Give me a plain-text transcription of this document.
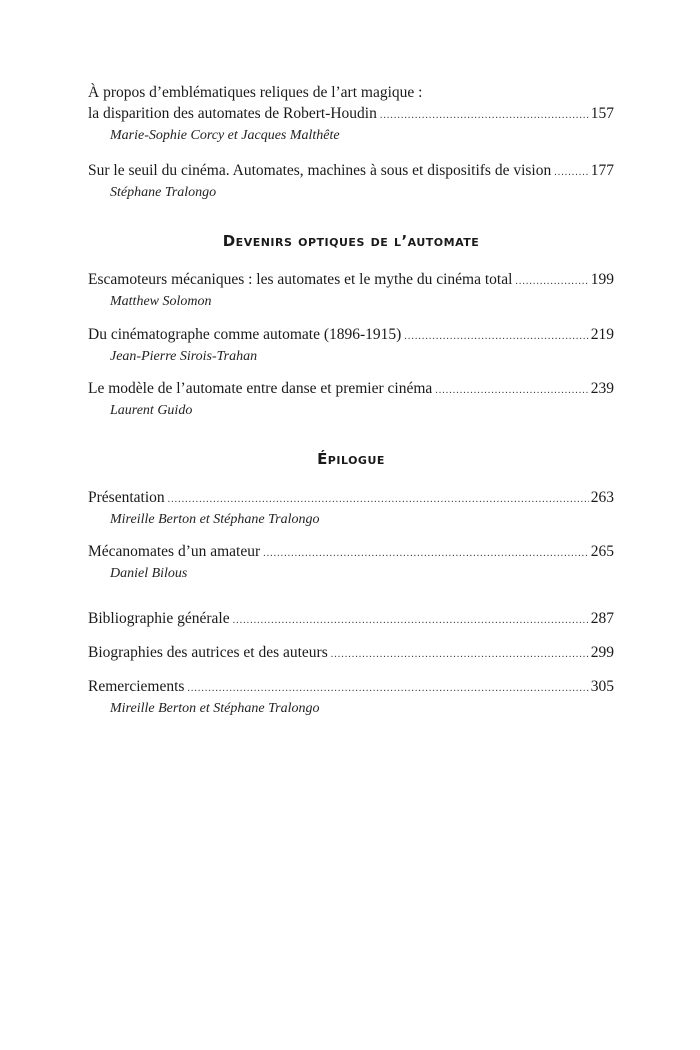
À propos d’emblématiques reliques de l’art magique :
la disparition des automates de Robert-Houdin .....	157
Marie-Sophie Corcy et Jacques Malthête
Sur le seuil du cinéma. Automates, machines à sous et dispositifs de vision .....	177
Stéphane Tralongo
Devenirs optiques de l’automate
Escamoteurs mécaniques : les automates et le mythe du cinéma total .....	199
Matthew Solomon
Du cinématographe comme automate (1896-1915) .....	219
Jean-Pierre Sirois-Trahan
Le modèle de l’automate entre danse et premier cinéma .....	239
Laurent Guido
Épilogue
Présentation .....	263
Mireille Berton et Stéphane Tralongo
Mécanomates d’un amateur .....	265
Daniel Bilous
Bibliographie générale .....	287
Biographies des autrices et des auteurs .....	299
Remerciements .....	305
Mireille Berton et Stéphane Tralongo
